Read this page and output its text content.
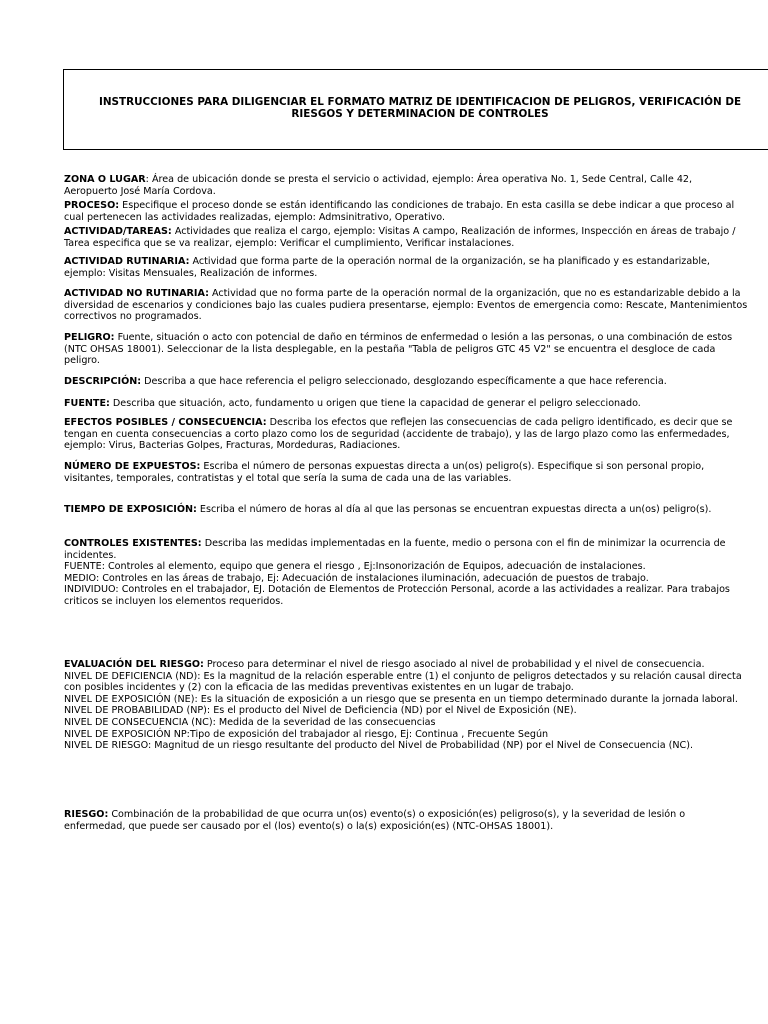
INSTRUCCIONES PARA DILIGENCIAR EL FORMATO MATRIZ DE IDENTIFICACION DE PELIGROS, VERIFICACIÓN DE RIESGOS Y DETERMINACION DE CONTROLES
ZONA O LUGAR: Área de ubicación donde se presta el servicio o actividad, ejemplo: Área operativa No. 1, Sede Central, Calle 42, Aeropuerto José María Cordova.
PROCESO: Especifique el proceso donde se están identificando las condiciones de trabajo. En esta casilla se debe indicar a que proceso al cual pertenecen las actividades realizadas, ejemplo: Admsinitrativo, Operativo.
ACTIVIDAD/TAREAS: Actividades que realiza el cargo, ejemplo: Visitas A campo, Realización de informes, Inspección en áreas de trabajo / Tarea especifica que se va realizar, ejemplo: Verificar el cumplimiento, Verificar instalaciones.
ACTIVIDAD RUTINARIA: Actividad que forma parte de la operación normal de la organización, se ha planificado y es estandarizable, ejemplo: Visitas Mensuales, Realización de informes.
ACTIVIDAD NO RUTINARIA: Actividad que no forma parte de la operación normal de la organización, que no es estandarizable debido a la diversidad de escenarios y condiciones bajo las cuales pudiera presentarse, ejemplo: Eventos de emergencia como: Rescate, Mantenimientos correctivos no programados.
PELIGRO: Fuente, situación o acto con potencial de daño en términos de enfermedad o lesión a las personas, o una combinación de estos (NTC OHSAS 18001). Seleccionar de la lista desplegable, en la pestaña "Tabla de peligros GTC 45 V2" se encuentra el desgloce de cada peligro.
DESCRIPCIÓN: Describa a que hace referencia el peligro seleccionado, desglozando específicamente a que hace referencia.
FUENTE: Describa que situación, acto, fundamento u origen que tiene la capacidad de generar el peligro seleccionado.
EFECTOS POSIBLES / CONSECUENCIA: Describa los efectos que reflejen las consecuencias de cada peligro identificado, es decir que se tengan en cuenta consecuencias a corto plazo como los de seguridad (accidente de trabajo), y las de largo plazo como las enfermedades, ejemplo: Virus, Bacterias Golpes, Fracturas, Mordeduras, Radiaciones.
NÚMERO DE EXPUESTOS: Escriba el número de personas expuestas directa a un(os) peligro(s). Especifique si son personal propio, visitantes, temporales, contratistas y el total que sería la suma de cada una de las variables.
TIEMPO DE EXPOSICIÓN: Escriba el número de horas al día al que las personas se encuentran expuestas directa a un(os) peligro(s).
CONTROLES EXISTENTES: Describa las medidas implementadas en la fuente, medio o persona con el fin de minimizar la ocurrencia de incidentes.
FUENTE: Controles al elemento, equipo que genera el riesgo , Ej:Insonorización de Equipos, adecuación de instalaciones.
MEDIO: Controles en las áreas de trabajo, Ej: Adecuación de instalaciones iluminación, adecuación de puestos de trabajo.
INDIVIDUO: Controles en el trabajador, EJ. Dotación de Elementos de Protección Personal, acorde a las actividades a realizar. Para trabajos criticos se incluyen los elementos requeridos.
EVALUACIÓN DEL RIESGO: Proceso para determinar el nivel de riesgo asociado al nivel de probabilidad y el nivel de consecuencia.
NIVEL DE DEFICIENCIA (ND): Es la magnitud de la relación esperable entre (1) el conjunto de peligros detectados y su relación causal directa con posibles incidentes y (2) con la eficacia de las medidas preventivas existentes en un lugar de trabajo.
NIVEL DE EXPOSICIÓN (NE): Es la situación de exposición a un riesgo que se presenta en un tiempo determinado durante la jornada laboral.
NIVEL DE PROBABILIDAD (NP): Es el producto del Nivel de Deficiencia (ND) por el Nivel de Exposición (NE).
NIVEL DE CONSECUENCIA (NC): Medida de la severidad de las consecuencias
NIVEL DE EXPOSICIÓN NP:Tipo de exposición del trabajador al riesgo, Ej: Continua , Frecuente Según
NIVEL DE RIESGO: Magnitud de un riesgo resultante del producto del Nivel de Probabilidad (NP) por el Nivel de Consecuencia (NC).
RIESGO: Combinación de la probabilidad de que ocurra un(os) evento(s) o exposición(es) peligroso(s), y la severidad de lesión o enfermedad, que puede ser causado por el (los) evento(s) o la(s) exposición(es) (NTC-OHSAS 18001).
